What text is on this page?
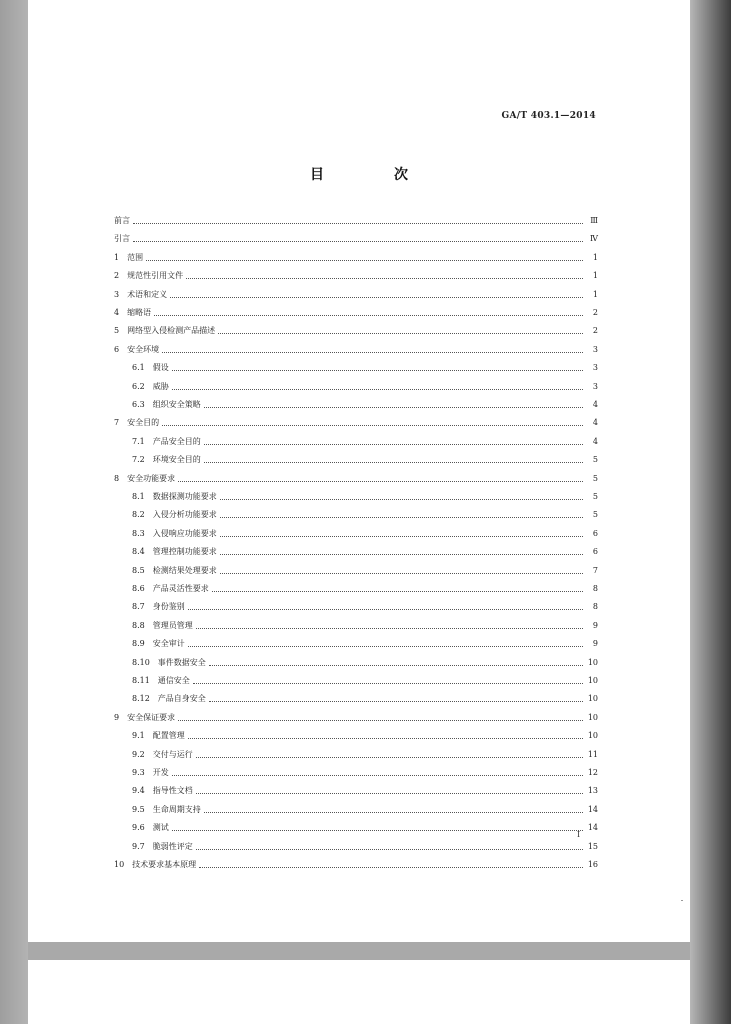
GA/T 403.1—2014
目　次
前言	Ⅲ
引言	Ⅳ
1　范围	1
2　规范性引用文件	1
3　术语和定义	1
4　缩略语	2
5　网络型入侵检测产品描述	2
6　安全环境	3
6.1　假设	3
6.2　威胁	3
6.3　组织安全策略	4
7　安全目的	4
7.1　产品安全目的	4
7.2　环境安全目的	5
8　安全功能要求	5
8.1　数据探测功能要求	5
8.2　入侵分析功能要求	5
8.3　入侵响应功能要求	6
8.4　管理控制功能要求	6
8.5　检测结果处理要求	7
8.6　产品灵活性要求	8
8.7　身份鉴别	8
8.8　管理员管理	9
8.9　安全审计	9
8.10　事件数据安全	10
8.11　通信安全	10
8.12　产品自身安全	10
9　安全保证要求	10
9.1　配置管理	10
9.2　交付与运行	11
9.3　开发	12
9.4　指导性文档	13
9.5　生命周期支持	14
9.6　测试	14
9.7　脆弱性评定	15
10　技术要求基本原理	16
I
